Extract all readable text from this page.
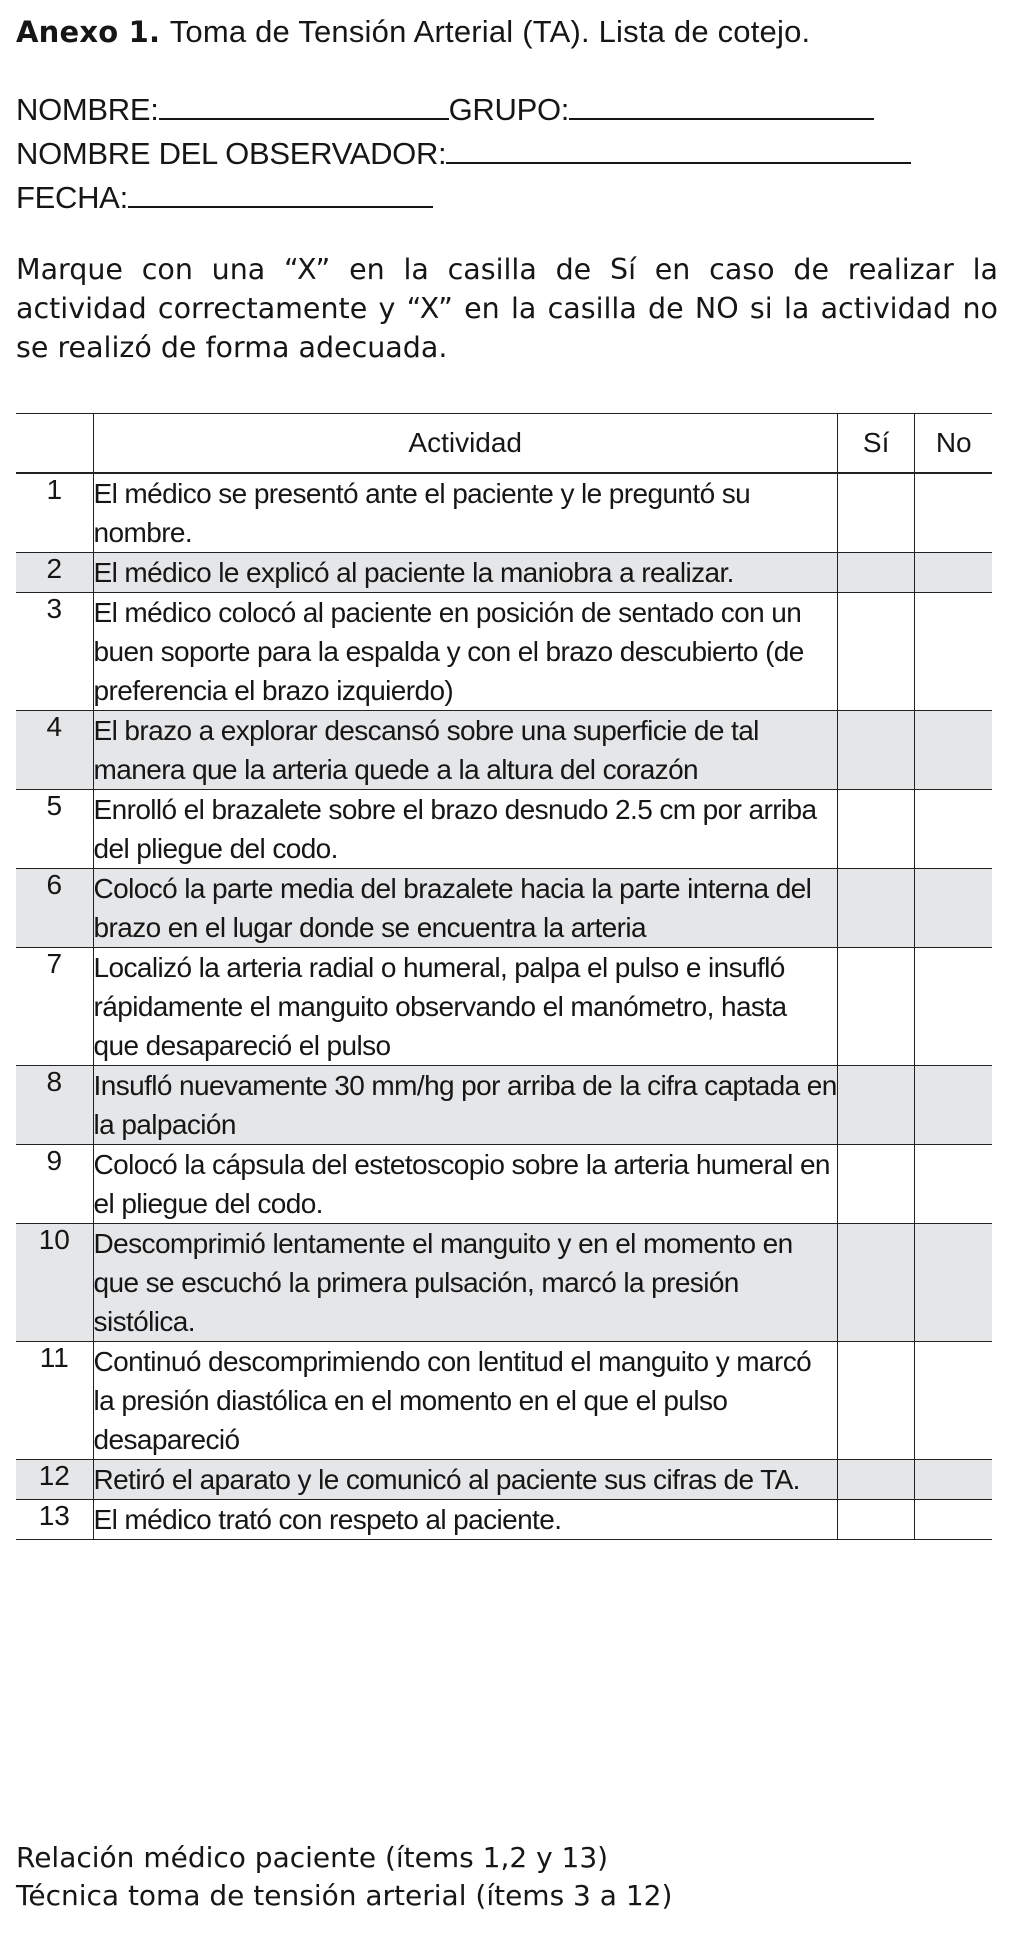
Anexo 1. Toma de Tensión Arterial (TA). Lista de cotejo.
NOMBRE:	GRUPO:
NOMBRE DEL OBSERVADOR:
FECHA:
Marque con una “X” en la casilla de Sí en caso de realizar la actividad correctamente y “X” en la casilla de NO si la actividad no se realizó de forma adecuada.
	Actividad	Sí	No
1	El médico se presentó ante el paciente y le preguntó su nombre.		
2	El médico le explicó al paciente la maniobra a realizar.		
3	El médico colocó al paciente en posición de sentado con un buen soporte para la espalda y con el brazo descubierto (de preferencia el brazo izquierdo)		
4	El brazo a explorar descansó sobre una superficie de tal manera que la arteria quede a la altura del corazón		
5	Enrolló el brazalete sobre el brazo desnudo 2.5 cm por arriba del pliegue del codo.		
6	Colocó la parte media del brazalete hacia la parte interna del brazo en el lugar donde se encuentra la arteria		
7	Localizó la arteria radial o humeral, palpa el pulso e insufló rápidamente el manguito observando el manómetro, hasta que desapareció el pulso		
8	Insufló nuevamente 30 mm/hg por arriba de la cifra captada en la palpación		
9	Colocó la cápsula del estetoscopio sobre la arteria humeral en el pliegue del codo.		
10	Descomprimió lentamente el manguito y en el momento en que se escuchó la primera pulsación, marcó la presión sistólica.		
11	Continuó descomprimiendo con lentitud el manguito y marcó la presión diastólica en el momento en el que el pulso desapareció		
12	Retiró el aparato y le comunicó al paciente sus cifras de TA.		
13	El médico trató con respeto al paciente.		
Relación médico paciente (ítems 1,2 y 13)
Técnica toma de tensión arterial (ítems 3 a 12)
